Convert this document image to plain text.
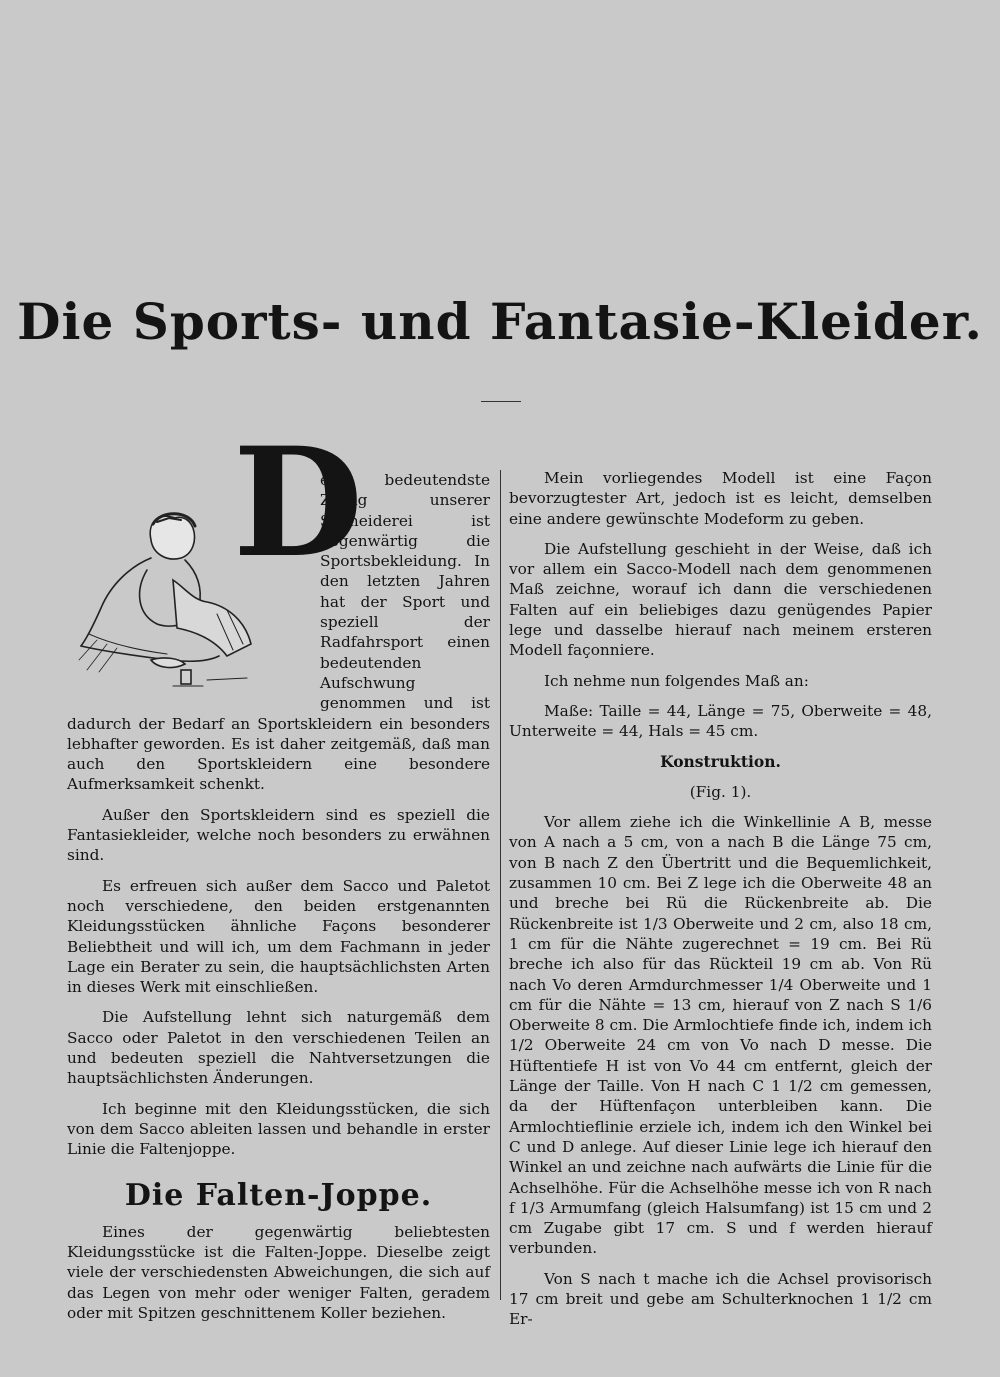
Die Sports- und Fantasie-Kleider.
D

er bedeutendste Zweig unserer Schneiderei ist gegenwärtig die Sportsbekleidung. In den letzten Jahren hat der Sport und speziell der Radfahrsport einen bedeutenden Aufschwung genommen und ist dadurch der Bedarf an Sportskleidern ein besonders lebhafter geworden. Es ist daher zeitgemäß, daß man auch den Sportskleidern eine besondere Aufmerksamkeit schenkt.

Außer den Sportskleidern sind es speziell die Fantasiekleider, welche noch besonders zu erwähnen sind.

Es erfreuen sich außer dem Sacco und Paletot noch verschiedene, den beiden erstgenannten Kleidungsstücken ähnliche Façons besonderer Beliebtheit und will ich, um dem Fachmann in jeder Lage ein Berater zu sein, die hauptsächlichsten Arten in dieses Werk mit einschließen.

Die Aufstellung lehnt sich naturgemäß dem Sacco oder Paletot in den verschiedenen Teilen an und bedeuten speziell die Nahtversetzungen die hauptsächlichsten Änderungen.

Ich beginne mit den Kleidungsstücken, die sich von dem Sacco ableiten lassen und behandle in erster Linie die Faltenjoppe.

Die Falten-Joppe.

Eines der gegenwärtig beliebtesten Kleidungsstücke ist die Falten-Joppe. Dieselbe zeigt viele der verschiedensten Abweichungen, die sich auf das Legen von mehr oder weniger Falten, geradem oder mit Spitzen geschnittenem Koller beziehen.

Mein vorliegendes Modell ist eine Façon bevorzugtester Art, jedoch ist es leicht, demselben eine andere gewünschte Modeform zu geben.

Die Aufstellung geschieht in der Weise, daß ich vor allem ein Sacco-Modell nach dem genommenen Maß zeichne, worauf ich dann die verschiedenen Falten auf ein beliebiges dazu genügendes Papier lege und dasselbe hierauf nach meinem ersteren Modell façonniere.

Ich nehme nun folgendes Maß an:

Maße: Taille = 44, Länge = 75, Oberweite = 48, Unterweite = 44, Hals = 45 cm.

Konstruktion.

(Fig. 1).

Vor allem ziehe ich die Winkellinie A B, messe von A nach a 5 cm, von a nach B die Länge 75 cm, von B nach Z den Übertritt und die Bequemlichkeit, zusammen 10 cm. Bei Z lege ich die Oberweite 48 an und breche bei Rü die Rückenbreite ab. Die Rückenbreite ist 1/3 Oberweite und 2 cm, also 18 cm, 1 cm für die Nähte zugerechnet = 19 cm. Bei Rü breche ich also für das Rückteil 19 cm ab. Von Rü nach Vo deren Armdurchmesser 1/4 Oberweite und 1 cm für die Nähte = 13 cm, hierauf von Z nach S 1/6 Oberweite 8 cm. Die Armlochtiefe finde ich, indem ich 1/2 Oberweite 24 cm von Vo nach D messe. Die Hüftentiefe H ist von Vo 44 cm entfernt, gleich der Länge der Taille. Von H nach C 1 1/2 cm gemessen, da der Hüftenfaçon unterbleiben kann. Die Armlochtieflinie erziele ich, indem ich den Winkel bei C und D anlege. Auf dieser Linie lege ich hierauf den Winkel an und zeichne nach aufwärts die Linie für die Achselhöhe. Für die Achselhöhe messe ich von R nach f 1/3 Armumfang (gleich Halsumfang) ist 15 cm und 2 cm Zugabe gibt 17 cm. S und f werden hierauf verbunden.

Von S nach t mache ich die Achsel provisorisch 17 cm breit und gebe am Schulterknochen 1 1/2 cm Er-
